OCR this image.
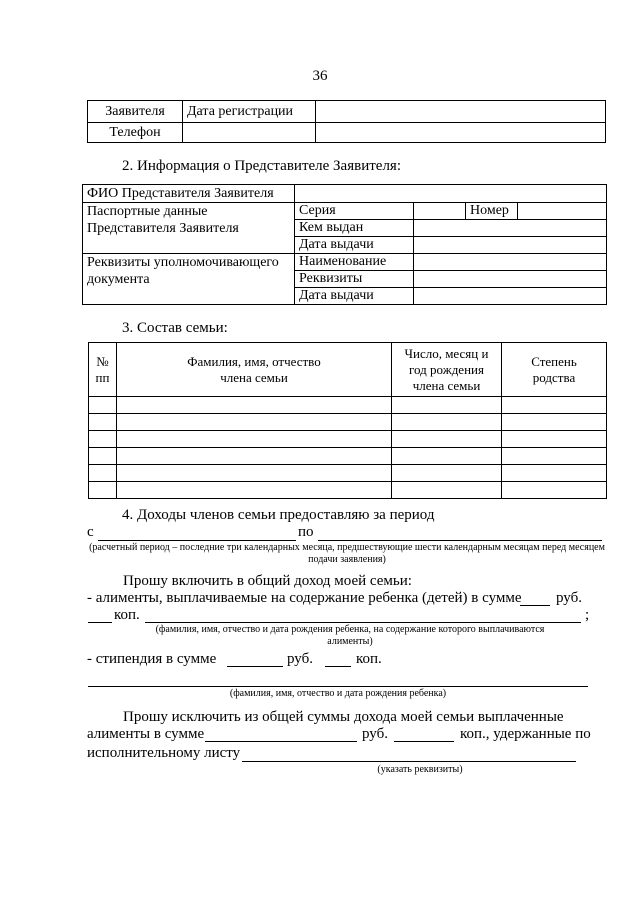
36
Заявителя	Дата регистрации	
Телефон		
2. Информация о Представителе Заявителя:
ФИО Представителя Заявителя				
Паспортные данные Представителя Заявителя	Серия		Номер	
	Кем выдан			
	Дата выдачи			
Реквизиты уполномочивающего документа	Наименование			
	Реквизиты			
	Дата выдачи			
3. Состав семьи:
№ пп	Фамилия, имя, отчество члена семьи	Число, месяц и год рождения члена семьи	Степень родства

4. Доходы членов семьи предоставляю за период
с	по
(расчетный период – последние три календарных месяца, предшествующие шести календарным месяцам перед месяцем подачи заявления)
Прошу включить в общий доход моей семьи:
- алименты, выплачиваемые на содержание ребенка (детей) в сумме руб.
коп.	;
(фамилия, имя, отчество и дата рождения ребенка, на содержание которого выплачиваются алименты)
- стипендия в сумме	руб.	коп.
(фамилия, имя, отчество и дата рождения ребенка)
Прошу исключить из общей суммы дохода моей семьи выплаченные
алименты в сумме	руб.	коп., удержанные по
исполнительному листу
(указать реквизиты)
